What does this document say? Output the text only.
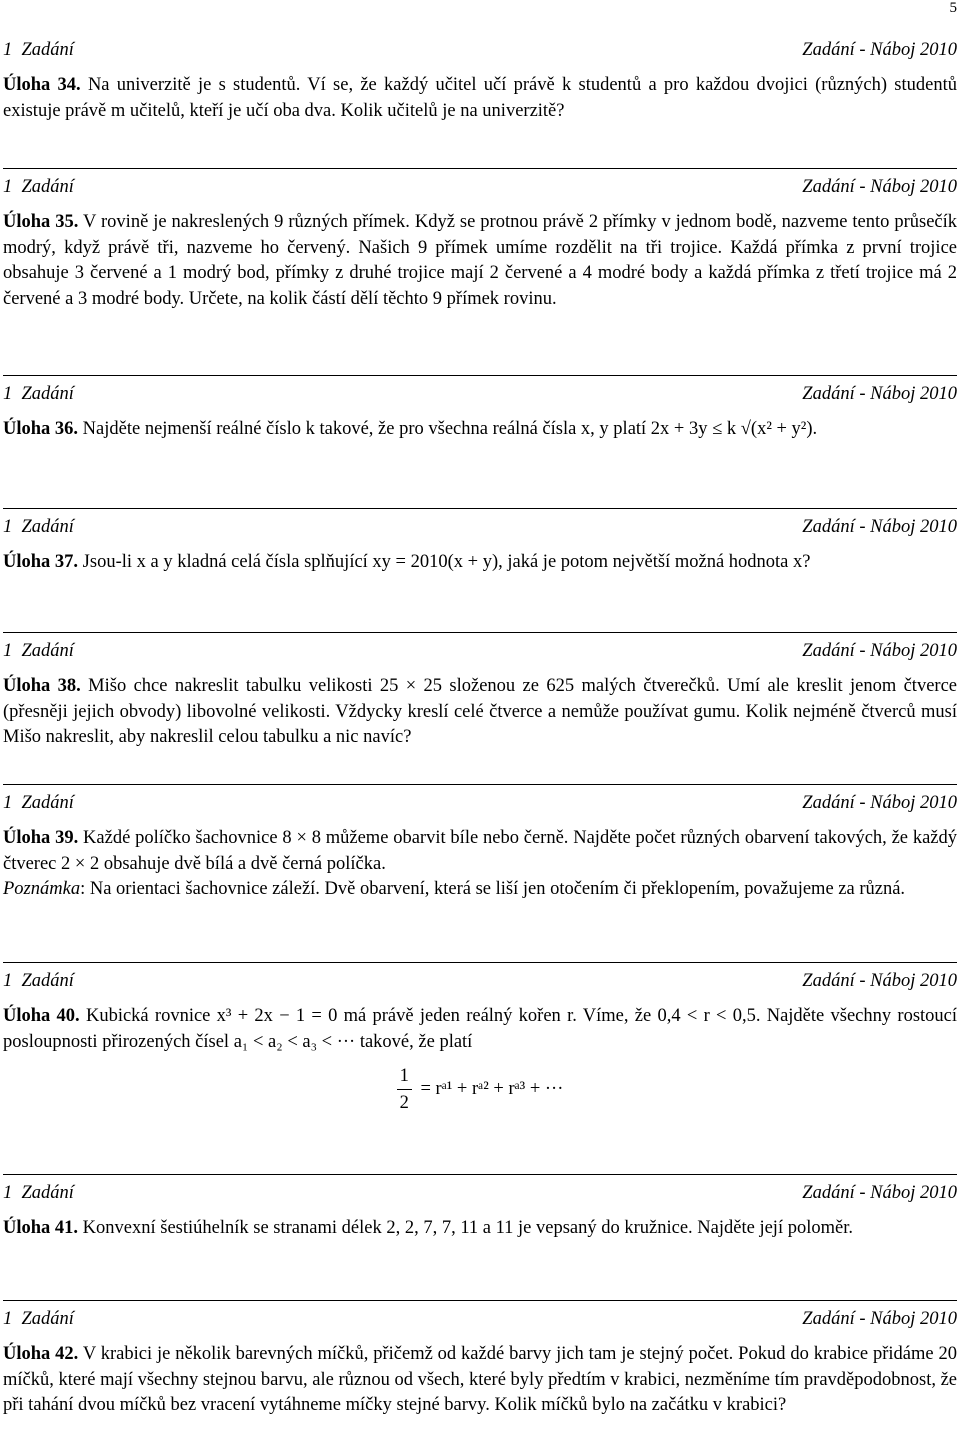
5
1  Zadání	Zadání - Náboj 2010
Úloha 34. Na univerzitě je s studentů. Ví se, že každý učitel učí právě k studentů a pro každou dvojici (různých) studentů existuje právě m učitelů, kteří je učí oba dva. Kolik učitelů je na univerzitě?
1  Zadání	Zadání - Náboj 2010
Úloha 35. V rovině je nakreslených 9 různých přímek. Když se protnou právě 2 přímky v jednom bodě, nazveme tento průsečík modrý, když právě tři, nazveme ho červený. Našich 9 přímek umíme rozdělit na tři trojice. Každá přímka z první trojice obsahuje 3 červené a 1 modrý bod, přímky z druhé trojice mají 2 červené a 4 modré body a každá přímka z třetí trojice má 2 červené a 3 modré body. Určete, na kolik částí dělí těchto 9 přímek rovinu.
1  Zadání	Zadání - Náboj 2010
Úloha 36. Najděte nejmenší reálné číslo k takové, že pro všechna reálná čísla x, y platí 2x + 3y ≤ k √(x² + y²).
1  Zadání	Zadání - Náboj 2010
Úloha 37. Jsou-li x a y kladná celá čísla splňující xy = 2010(x + y), jaká je potom největší možná hodnota x?
1  Zadání	Zadání - Náboj 2010
Úloha 38. Mišo chce nakreslit tabulku velikosti 25 × 25 složenou ze 625 malých čtverečků. Umí ale kreslit jenom čtverce (přesněji jejich obvody) libovolné velikosti. Vždycky kreslí celé čtverce a nemůže používat gumu. Kolik nejméně čtverců musí Mišo nakreslit, aby nakreslil celou tabulku a nic navíc?
1  Zadání	Zadání - Náboj 2010
Úloha 39. Každé políčko šachovnice 8 × 8 můžeme obarvit bíle nebo černě. Najděte počet různých obarvení takových, že každý čtverec 2 × 2 obsahuje dvě bílá a dvě černá políčka.
Poznámka: Na orientaci šachovnice záleží. Dvě obarvení, která se liší jen otočením či překlopením, považujeme za různá.
1  Zadání	Zadání - Náboj 2010
Úloha 40. Kubická rovnice x³ + 2x − 1 = 0 má právě jeden reálný kořen r. Víme, že 0,4 < r < 0,5. Najděte všechny rostoucí posloupnosti přirozených čísel a₁ < a₂ < a₃ < ··· takové, že platí
$\frac{1}{2}$ = rᵃ¹ + rᵃ² + rᵃ³ + ···
1  Zadání	Zadání - Náboj 2010
Úloha 41. Konvexní šestiúhelník se stranami délek 2, 2, 7, 7, 11 a 11 je vepsaný do kružnice. Najděte její poloměr.
1  Zadání	Zadání - Náboj 2010
Úloha 42. V krabici je několik barevných míčků, přičemž od každé barvy jich tam je stejný počet. Pokud do krabice přidáme 20 míčků, které mají všechny stejnou barvu, ale různou od všech, které byly předtím v krabici, nezměníme tím pravděpodobnost, že při tahání dvou míčků bez vracení vytáhneme míčky stejné barvy. Kolik míčků bylo na začátku v krabici?
